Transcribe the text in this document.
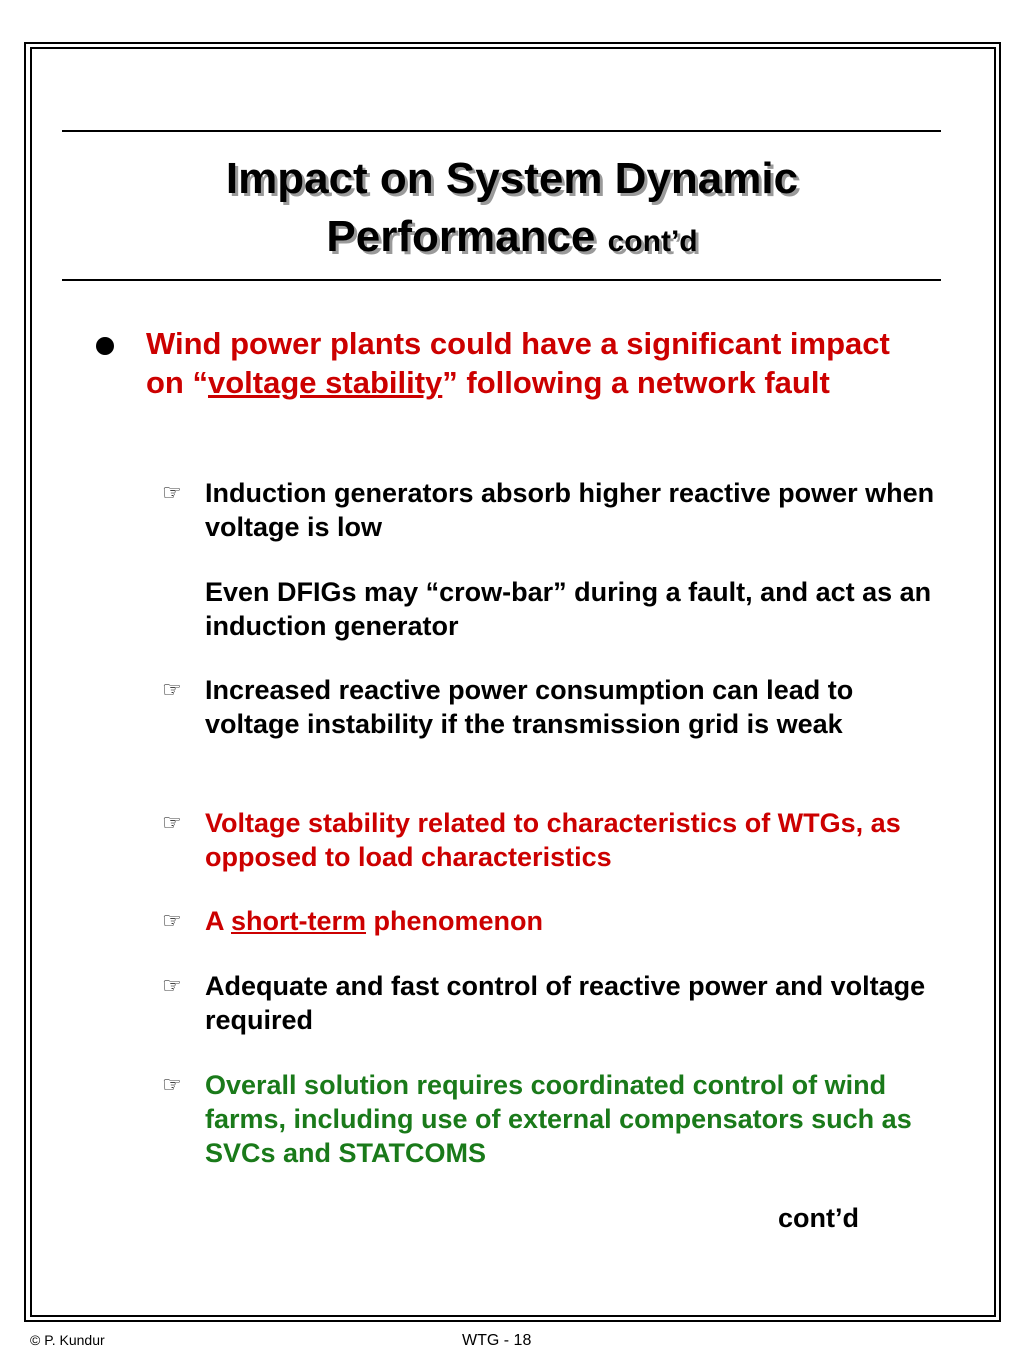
Impact on System Dynamic
Performance cont’d
Wind power plants could have a significant impact on “voltage stability” following a network fault
☞ Induction generators absorb higher reactive power when voltage is low
Even DFIGs may “crow-bar” during a fault, and act as an induction generator
☞ Increased reactive power consumption can lead to voltage instability if the transmission grid is weak
☞ Voltage stability related to characteristics of WTGs, as opposed to load characteristics
☞ A short-term phenomenon
☞ Adequate and fast control of reactive power and voltage required
☞ Overall solution requires coordinated control of wind farms, including use of external compensators such as SVCs and STATCOMS
cont’d
© P. Kundur	WTG - 18
